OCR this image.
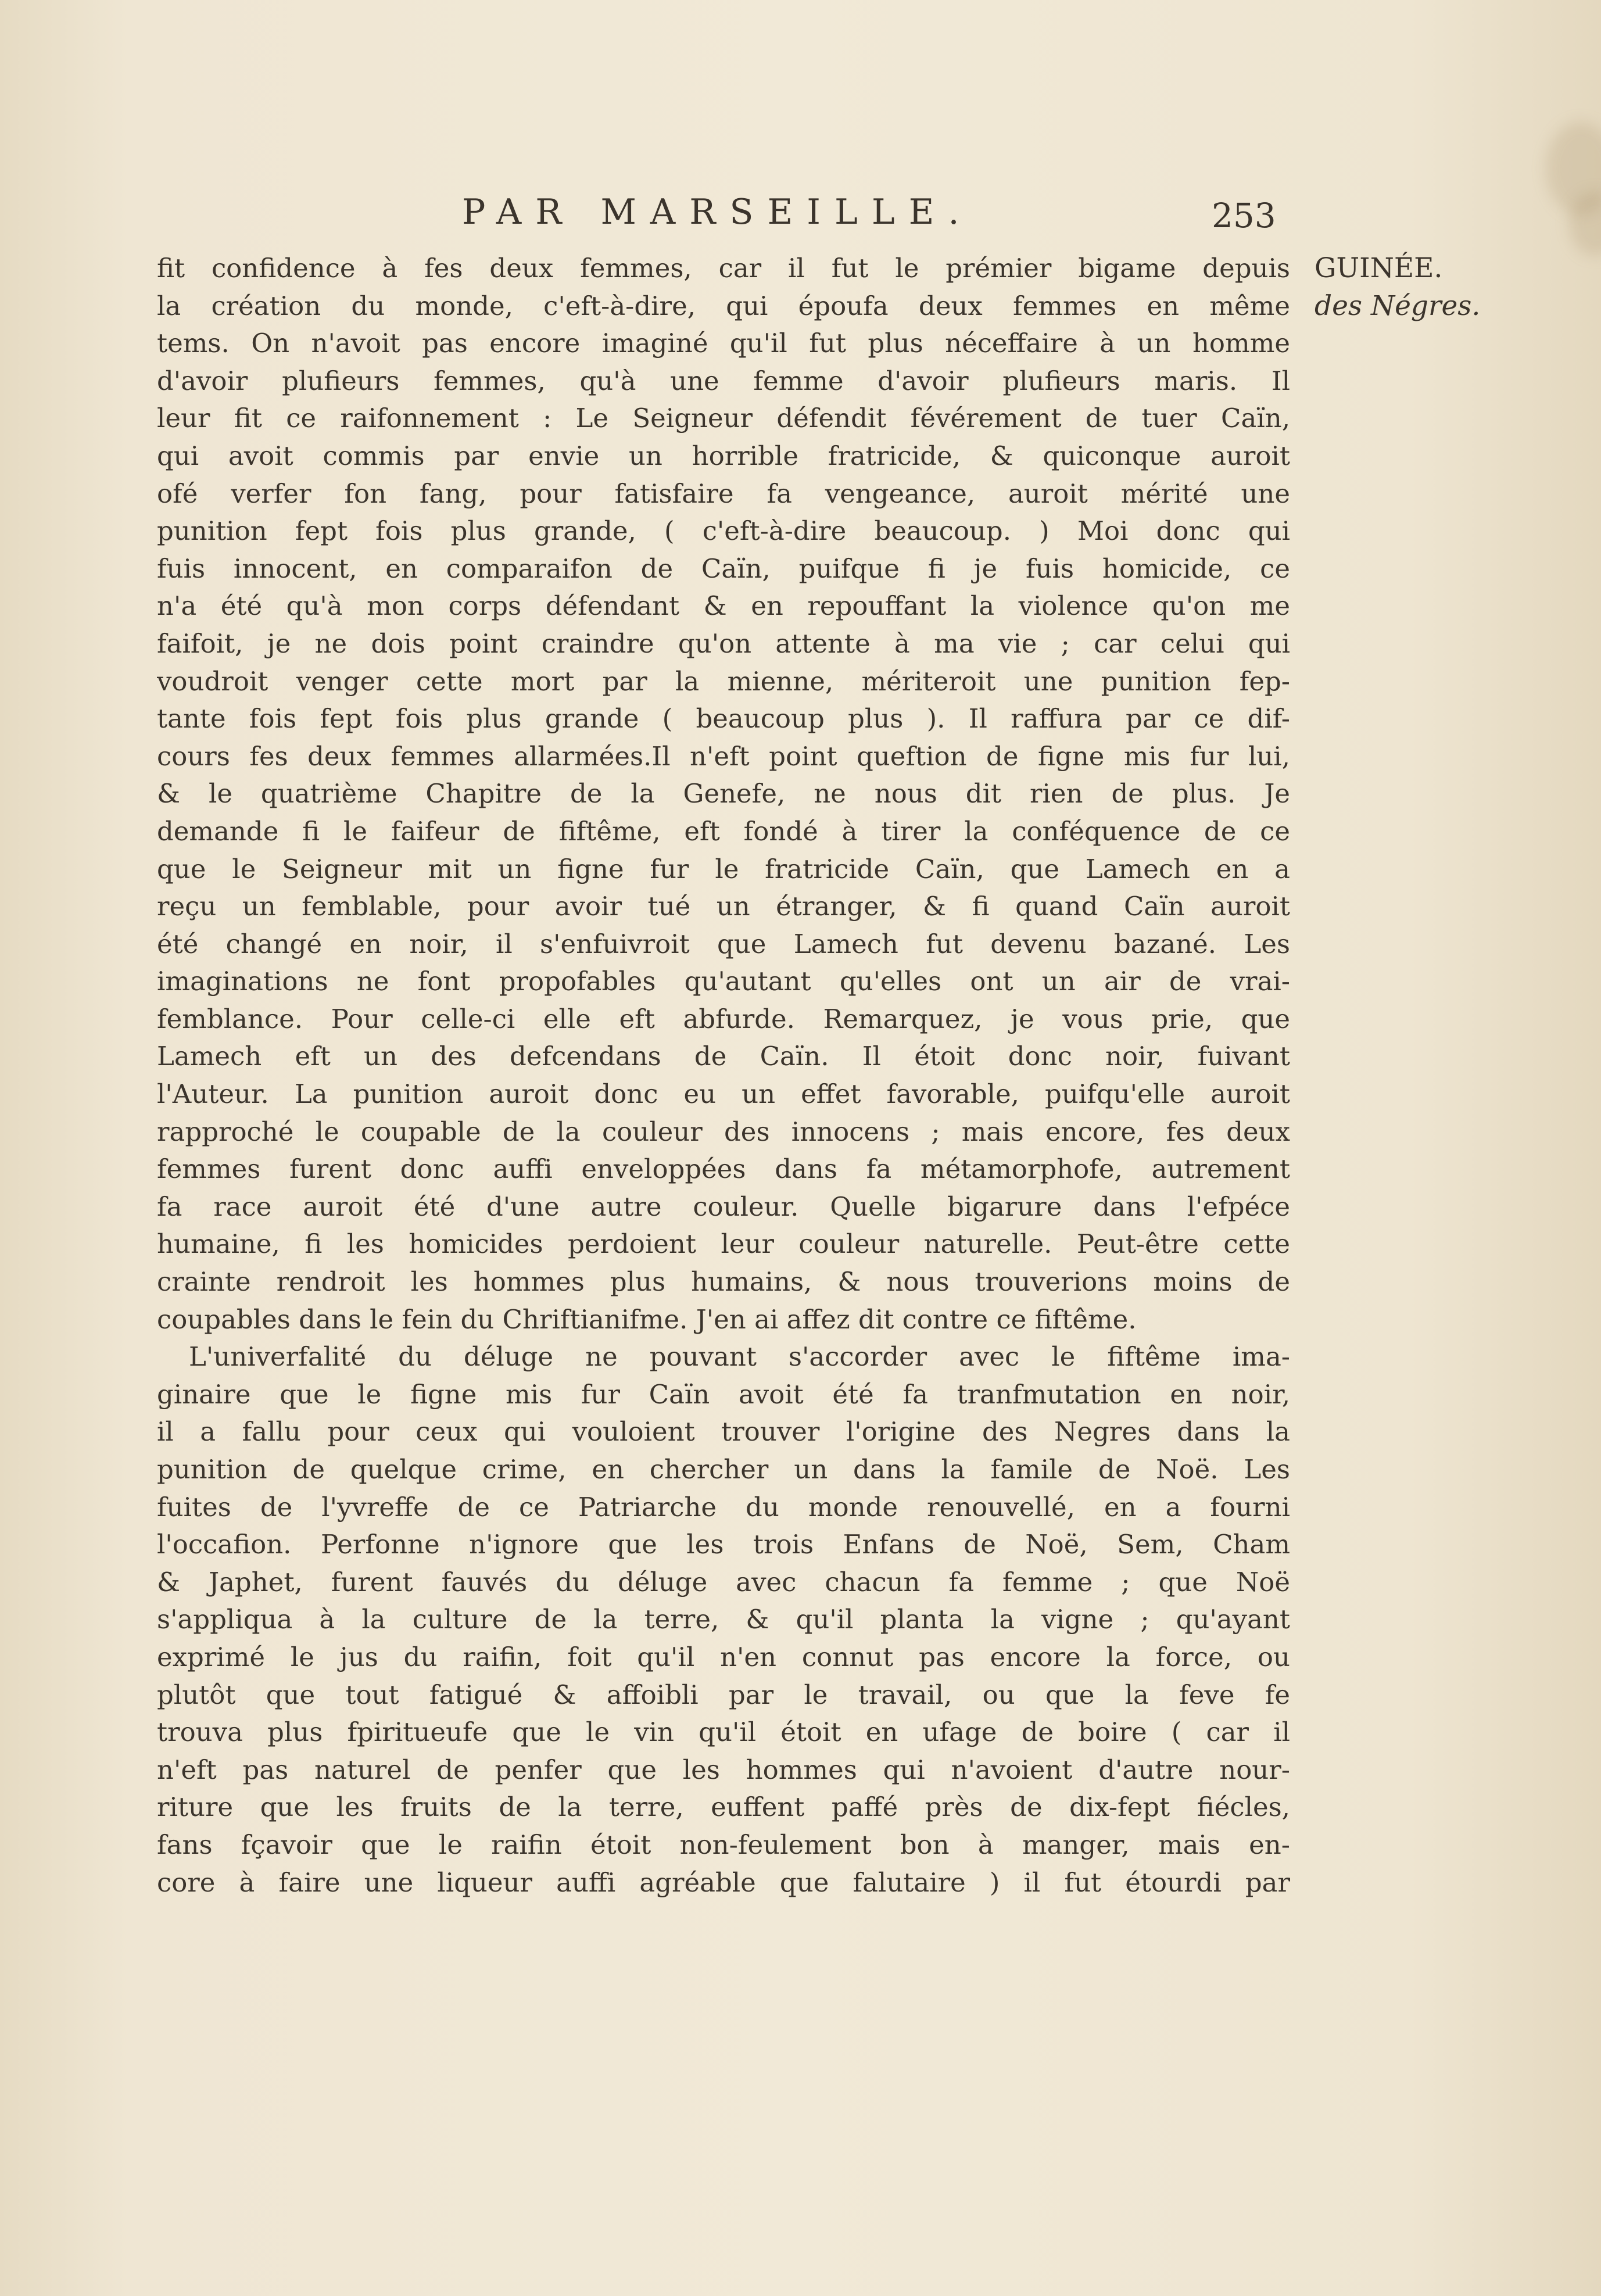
PAR MARSEILLE.	253
GUINÉE.
des Négres.
fit confidence à fes deux femmes, car il fut le prémier bigame depuis
la création du monde, c'eft-à-dire, qui époufa deux femmes en même
tems. On n'avoit pas encore imaginé qu'il fut plus néceffaire à un homme
d'avoir plufieurs femmes, qu'à une femme d'avoir plufieurs maris. Il
leur fit ce raifonnement : Le Seigneur défendit févérement de tuer Caïn,
qui avoit commis par envie un horrible fratricide, & quiconque auroit
ofé verfer fon fang, pour fatisfaire fa vengeance, auroit mérité une
punition fept fois plus grande, ( c'eft-à-dire beaucoup. ) Moi donc qui
fuis innocent, en comparaifon de Caïn, puifque fi je fuis homicide, ce
n'a été qu'à mon corps défendant & en repouffant la violence qu'on me
faifoit, je ne dois point craindre qu'on attente à ma vie ; car celui qui
voudroit venger cette mort par la mienne, mériteroit une punition fep-
tante fois fept fois plus grande ( beaucoup plus ). Il raffura par ce dif-
cours fes deux femmes allarmées.Il n'eft point queftion de figne mis fur lui,
& le quatrième Chapitre de la Genefe, ne nous dit rien de plus. Je
demande fi le faifeur de fiftême, eft fondé à tirer la conféquence de ce
que le Seigneur mit un figne fur le fratricide Caïn, que Lamech en a
reçu un femblable, pour avoir tué un étranger, & fi quand Caïn auroit
été changé en noir, il s'enfuivroit que Lamech fut devenu bazané. Les
imaginations ne font propofables qu'autant qu'elles ont un air de vrai-
femblance. Pour celle-ci elle eft abfurde. Remarquez, je vous prie, que
Lamech eft un des defcendans de Caïn. Il étoit donc noir, fuivant
l'Auteur. La punition auroit donc eu un effet favorable, puifqu'elle auroit
rapproché le coupable de la couleur des innocens ; mais encore, fes deux
femmes furent donc auffi enveloppées dans fa métamorphofe, autrement
fa race auroit été d'une autre couleur. Quelle bigarure dans l'efpéce
humaine, fi les homicides perdoient leur couleur naturelle. Peut-être cette
crainte rendroit les hommes plus humains, & nous trouverions moins de
coupables dans le fein du Chriftianifme. J'en ai affez dit contre ce fiftême.
L'univerfalité du déluge ne pouvant s'accorder avec le fiftême ima-
ginaire que le figne mis fur Caïn avoit été fa tranfmutation en noir,
il a fallu pour ceux qui vouloient trouver l'origine des Negres dans la
punition de quelque crime, en chercher un dans la famile de Noë. Les
fuites de l'yvreffe de ce Patriarche du monde renouvellé, en a fourni
l'occafion. Perfonne n'ignore que les trois Enfans de Noë, Sem, Cham
& Japhet, furent fauvés du déluge avec chacun fa femme ; que Noë
s'appliqua à la culture de la terre, & qu'il planta la vigne ; qu'ayant
exprimé le jus du raifin, foit qu'il n'en connut pas encore la force, ou
plutôt que tout fatigué & affoibli par le travail, ou que la feve fe
trouva plus fpiritueufe que le vin qu'il étoit en ufage de boire ( car il
n'eft pas naturel de penfer que les hommes qui n'avoient d'autre nour-
riture que les fruits de la terre, euffent paffé près de dix-fept fiécles,
fans fçavoir que le raifin étoit non-feulement bon à manger, mais en-
core à faire une liqueur auffi agréable que falutaire ) il fut étourdi par
